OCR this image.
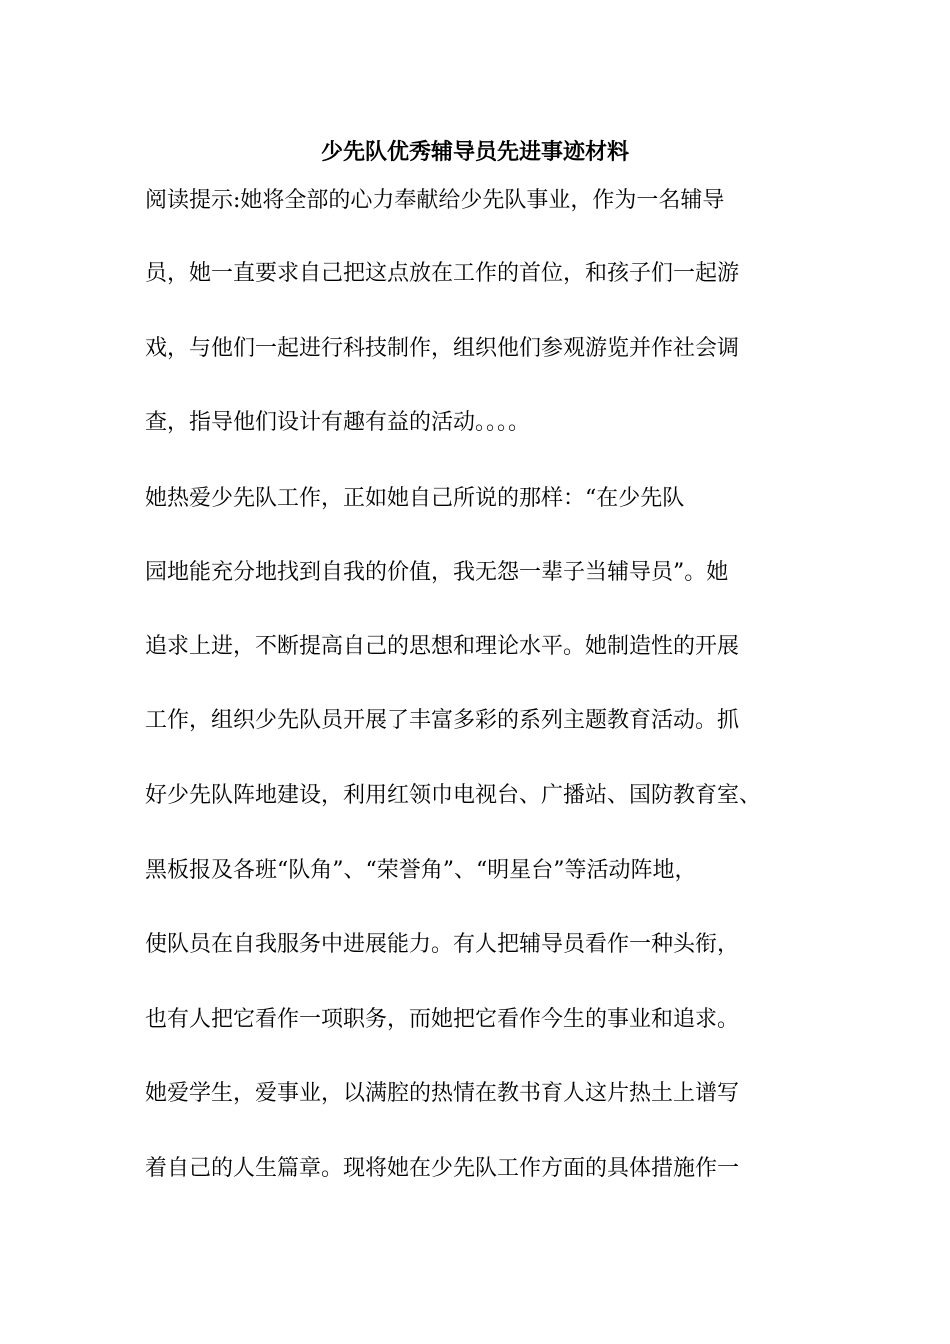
少先队优秀辅导员先进事迹材料
阅读提示:她将全部的心力奉献给少先队事业，作为一名辅导
员，她一直要求自己把这点放在工作的首位，和孩子们一起游
戏，与他们一起进行科技制作，组织他们参观游览并作社会调
查，指导他们设计有趣有益的活动。。。。
她热爱少先队工作，正如她自己所说的那样：“在少先队
园地能充分地找到自我的价值，我无怨一辈子当辅导员”。她
追求上进，不断提高自己的思想和理论水平。她制造性的开展
工作，组织少先队员开展了丰富多彩的系列主题教育活动。抓
好少先队阵地建设，利用红领巾电视台、广播站、国防教育室、
黑板报及各班“队角”、“荣誉角”、“明星台”等活动阵地，
使队员在自我服务中进展能力。有人把辅导员看作一种头衔，
也有人把它看作一项职务，而她把它看作今生的事业和追求。
她爱学生，爱事业，以满腔的热情在教书育人这片热土上谱写
着自己的人生篇章。现将她在少先队工作方面的具体措施作一
